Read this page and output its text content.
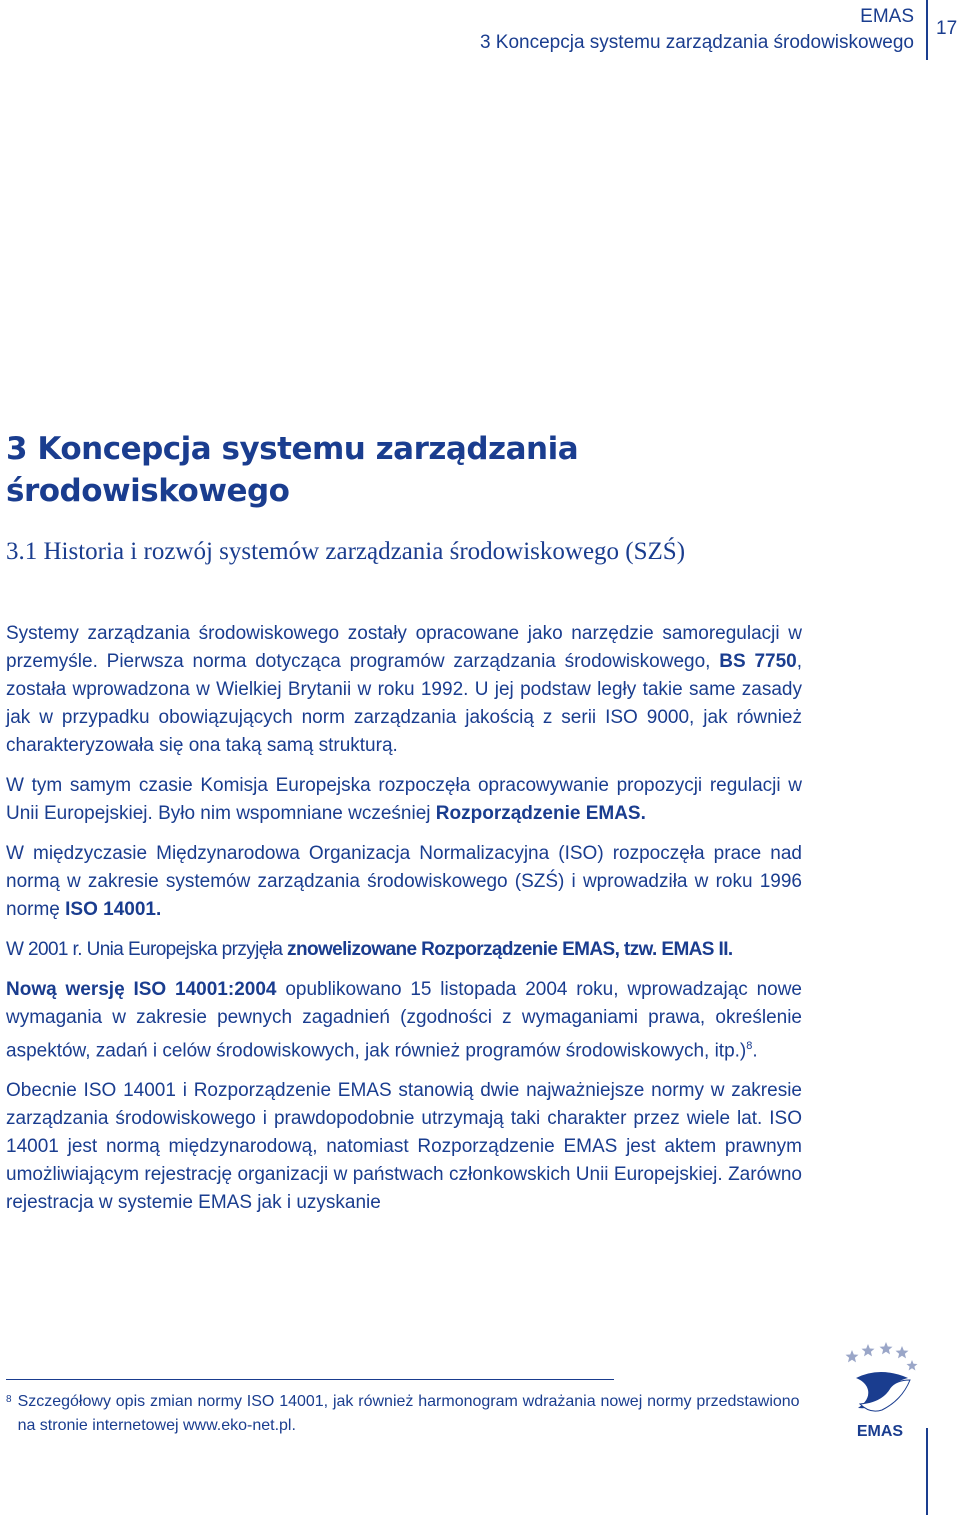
EMAS
3 Koncepcja systemu zarządzania środowiskowego
17
3 Koncepcja systemu zarządzania środowiskowego
3.1 Historia i rozwój systemów zarządzania środowiskowego (SZŚ)

Systemy zarządzania środowiskowego zostały opracowane jako narzędzie samoregulacji w przemyśle. Pierwsza norma dotycząca programów zarządzania środowiskowego, BS 7750, została wprowadzona w Wielkiej Brytanii w roku 1992. U jej podstaw legły takie same zasady jak w przypadku obowiązujących norm zarządzania jakością z serii ISO 9000, jak również charakteryzowała się ona taką samą strukturą.

W tym samym czasie Komisja Europejska rozpoczęła opracowywanie propozycji regulacji w Unii Europejskiej. Było nim wspomniane wcześniej Rozporządzenie EMAS.

W międzyczasie Międzynarodowa Organizacja Normalizacyjna (ISO) rozpoczęła prace nad normą w zakresie systemów zarządzania środowiskowego (SZŚ) i wprowadziła w roku 1996 normę ISO 14001.

W 2001 r. Unia Europejska przyjęła znowelizowane Rozporządzenie EMAS, tzw. EMAS II.

Nową wersję ISO 14001:2004 opublikowano 15 listopada 2004 roku, wprowadzając nowe wymagania w zakresie pewnych zagadnień (zgodności z wymaganiami prawa, określenie aspektów, zadań i celów środowiskowych, jak również programów środowiskowych, itp.)$^8$.

Obecnie ISO 14001 i Rozporządzenie EMAS stanowią dwie najważniejsze normy w zakresie zarządzania środowiskowego i prawdopodobnie utrzymają taki charakter przez wiele lat. ISO 14001 jest normą międzynarodową, natomiast Rozporządzenie EMAS jest aktem prawnym umożliwiającym rejestrację organizacji w państwach członkowskich Unii Europejskiej. Zarówno rejestracja w systemie EMAS jak i uzyskanie

$^8$ Szczegółowy opis zmian normy ISO 14001, jak również harmonogram wdrażania nowej normy przedstawiono na stronie internetowej www.eko-net.pl.	EMAS
